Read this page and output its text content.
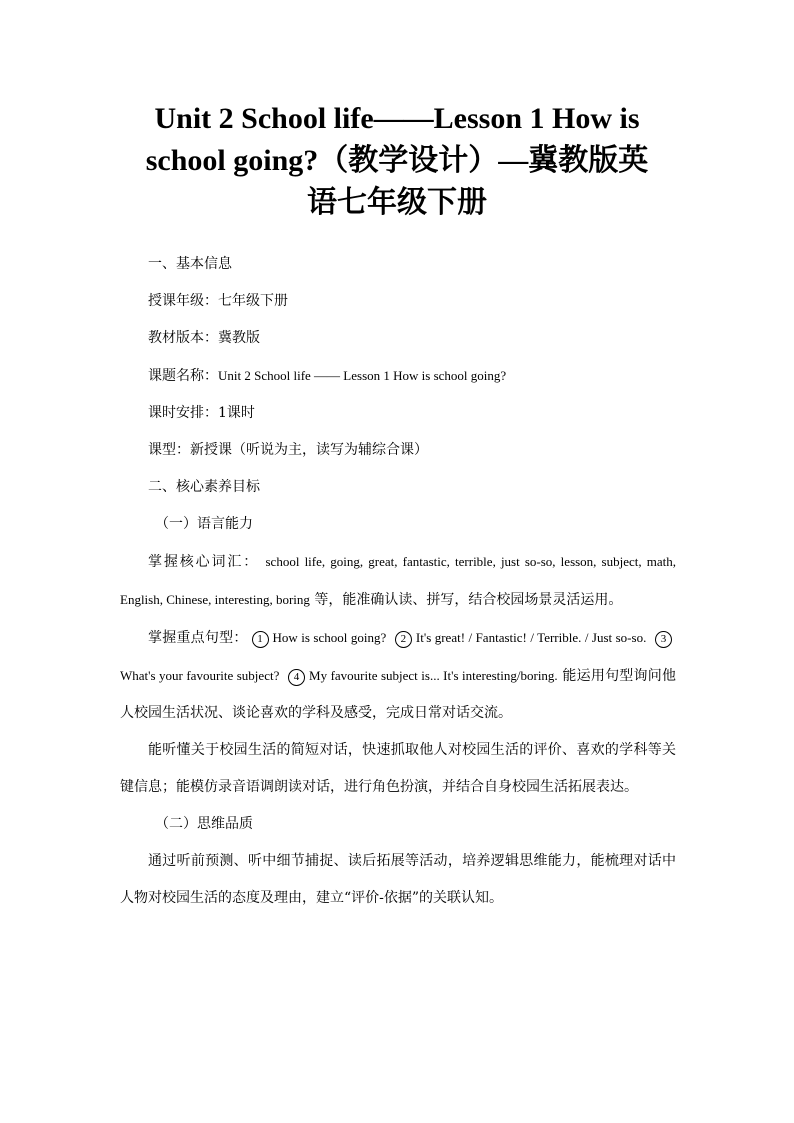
Unit 2 School life——Lesson 1 How is
school going?（教学设计）—冀教版英
语七年级下册

一、基本信息

授课年级：七年级下册

教材版本：冀教版

课题名称：Unit 2 School life —— Lesson 1 How is school going?

课时安排：1课时

课型：新授课（听说为主，读写为辅综合课）

二、核心素养目标

（一）语言能力

掌握核心词汇： school life, going, great, fantastic, terrible, just so-so, lesson, subject, math, English, Chinese, interesting, boring 等，能准确认读、拼写，结合校园场景灵活运用。

掌握重点句型： 1 How is school going? 2 It's great! / Fantastic! / Terrible. / Just so-so. 3What's your favourite subject? 4 My favourite subject is... It's interesting/boring. 能运用句型询问他人校园生活状况、谈论喜欢的学科及感受，完成日常对话交流。

能听懂关于校园生活的简短对话，快速抓取他人对校园生活的评价、喜欢的学科等关键信息；能模仿录音语调朗读对话，进行角色扮演，并结合自身校园生活拓展表达。

（二）思维品质

通过听前预测、听中细节捕捉、读后拓展等活动，培养逻辑思维能力，能梳理对话中人物对校园生活的态度及理由，建立“评价-依据”的关联认知。
